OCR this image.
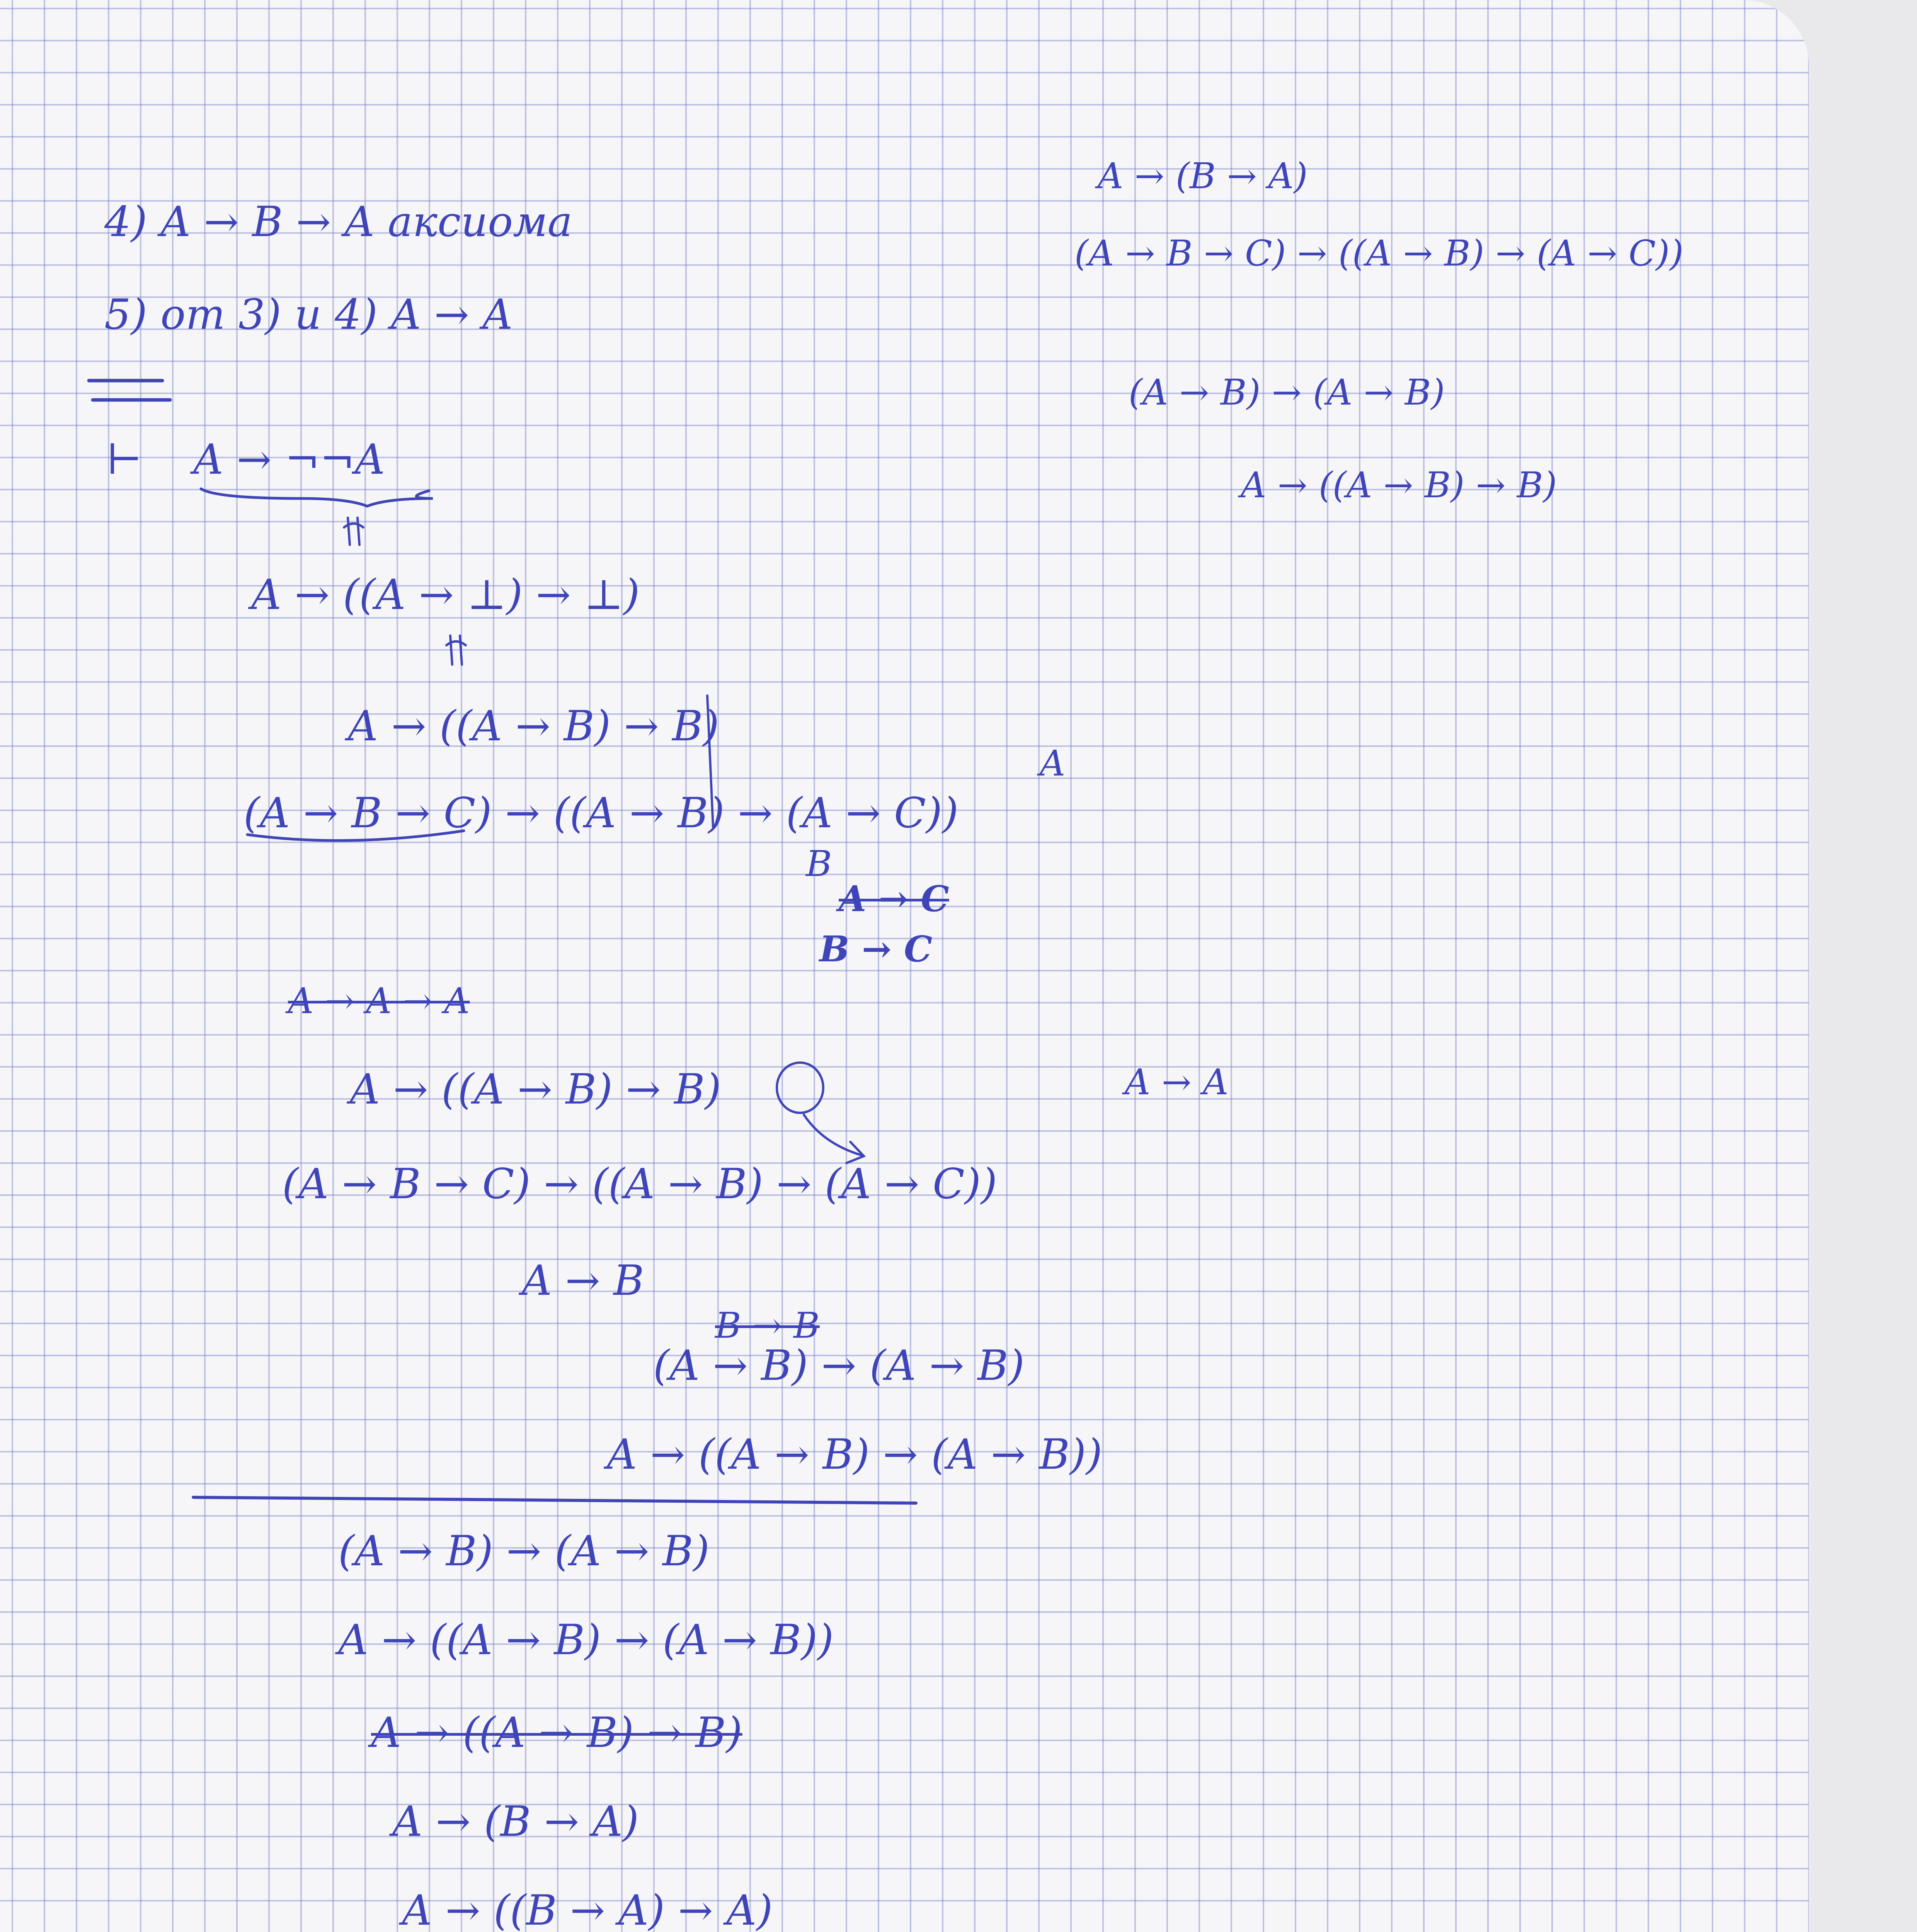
4) A → B → A аксиома
5) от 3) и 4) A → A
A → (B → A)
(A → B → C) → ((A → B) → (A → C))
(A → B) → (A → B)
A → ((A → B) → B)
⊢ A → ¬¬A
A → ((A → ⊥) → ⊥)
A → ((A → B) → B)
(A → B → C) → ((A → B) → (A → C))
A
B
A → C
B → C
A → A → A
A → ((A → B) → B)
(A → B → C) → ((A → B) → (A → C))
A → B
B → B
(A → B) → (A → B)
A → ((A → B) → (A → B))
A → A
(A → B) → (A → B)
A → ((A → B) → (A → B))
A → ((A → B) → B)
A → (B → A)
A → ((B → A) → A)
